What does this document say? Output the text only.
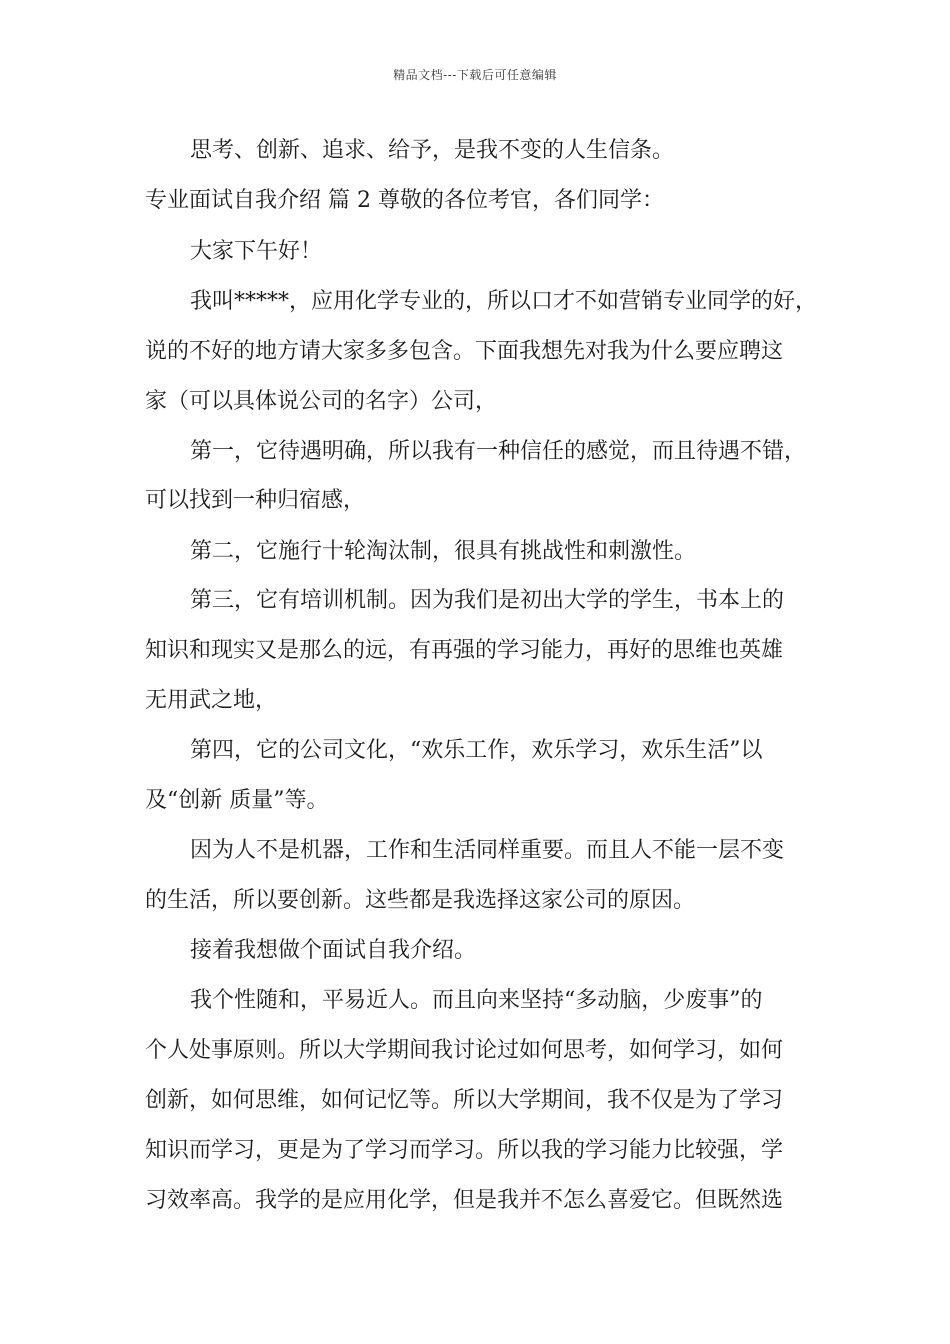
精品文档---下载后可任意编辑
思考、创新、追求、给予，是我不变的人生信条。
专业面试自我介绍 篇 2 尊敬的各位考官，各们同学：
大家下午好！
我叫*****，应用化学专业的，所以口才不如营销专业同学的好，
说的不好的地方请大家多多包含。下面我想先对我为什么要应聘这
家（可以具体说公司的名字）公司，
第一，它待遇明确，所以我有一种信任的感觉，而且待遇不错，
可以找到一种归宿感，
第二，它施行十轮淘汰制，很具有挑战性和刺激性。
第三，它有培训机制。因为我们是初出大学的学生，书本上的
知识和现实又是那么的远，有再强的学习能力，再好的思维也英雄
无用武之地，
第四，它的公司文化，“欢乐工作，欢乐学习，欢乐生活”以
及“创新 质量”等。
因为人不是机器，工作和生活同样重要。而且人不能一层不变
的生活，所以要创新。这些都是我选择这家公司的原因。
接着我想做个面试自我介绍。
我个性随和，平易近人。而且向来坚持“多动脑，少废事”的
个人处事原则。所以大学期间我讨论过如何思考，如何学习，如何
创新，如何思维，如何记忆等。所以大学期间，我不仅是为了学习
知识而学习，更是为了学习而学习。所以我的学习能力比较强，学
习效率高。我学的是应用化学，但是我并不怎么喜爱它。但既然选
